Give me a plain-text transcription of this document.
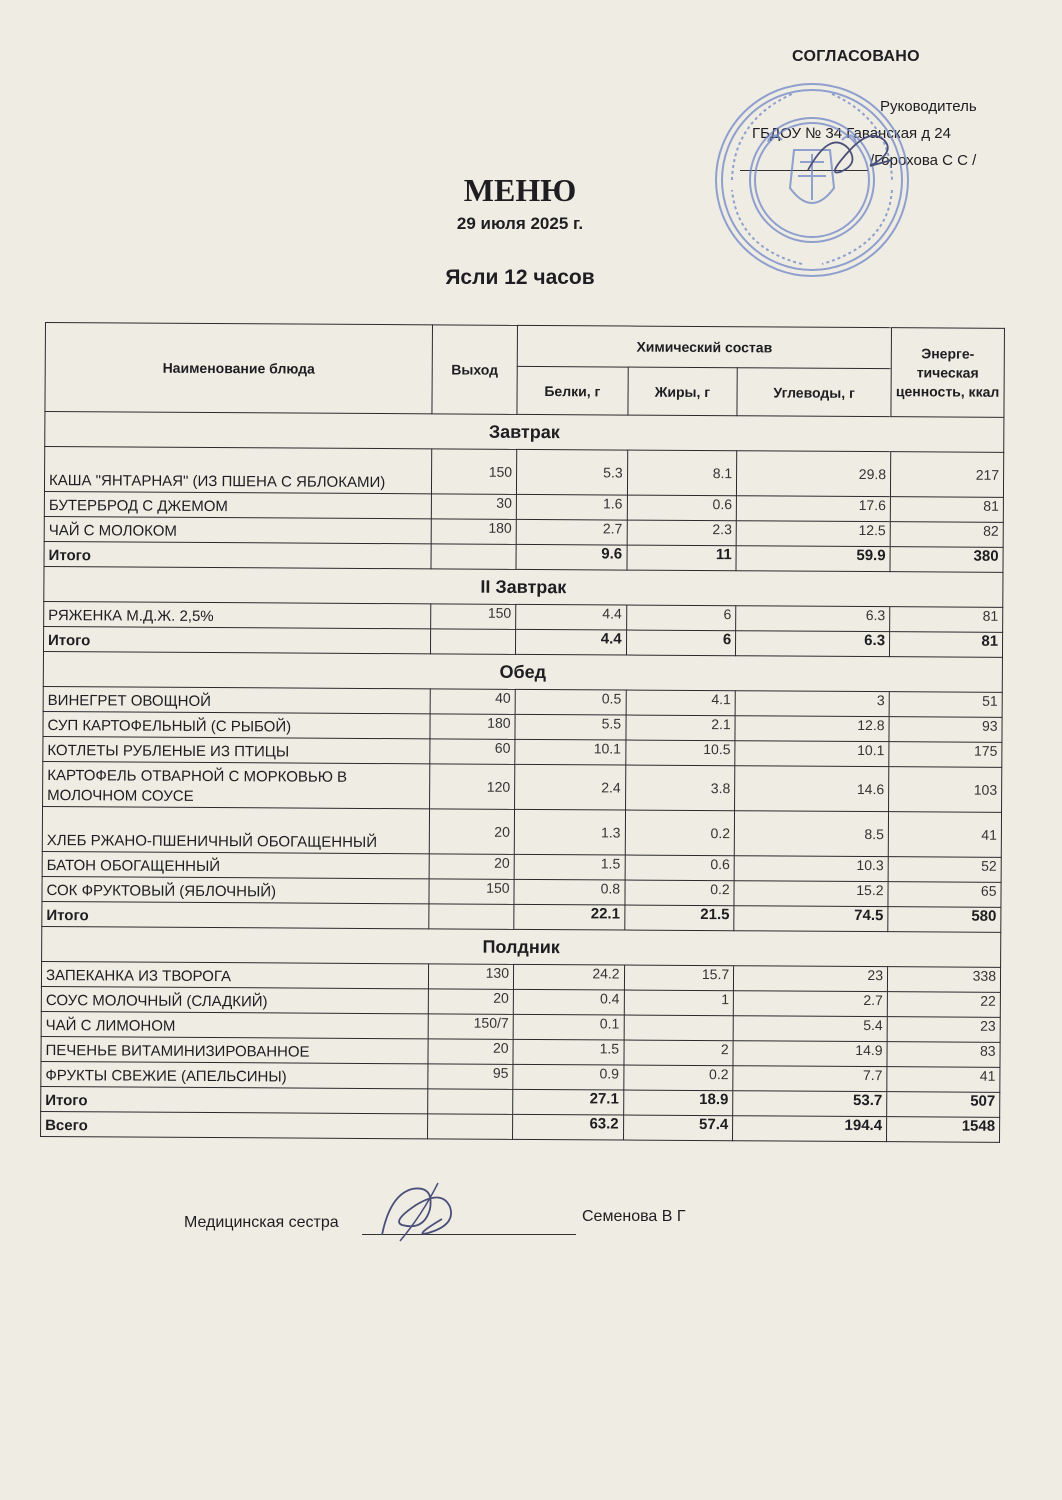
СОГЛАСОВАНО
Руководитель
ГБДОУ № 34 Гаванская д 24
/Горохова С С /
МЕНЮ
29 июля 2025 г.
Ясли 12 часов
Наименование блюда	Выход	Химический состав			Энерге- тическая ценность, ккал
		Белки, г	Жиры, г	Углеводы, г	
Завтрак					
КАША "ЯНТАРНАЯ" (ИЗ ПШЕНА С ЯБЛОКАМИ)	150	5.3	8.1	29.8	217
БУТЕРБРОД С ДЖЕМОМ	30	1.6	0.6	17.6	81
ЧАЙ С МОЛОКОМ	180	2.7	2.3	12.5	82
Итого		9.6	11	59.9	380
II Завтрак					
РЯЖЕНКА М.Д.Ж. 2,5%	150	4.4	6	6.3	81
Итого		4.4	6	6.3	81
Обед					
ВИНЕГРЕТ ОВОЩНОЙ	40	0.5	4.1	3	51
СУП КАРТОФЕЛЬНЫЙ (С РЫБОЙ)	180	5.5	2.1	12.8	93
КОТЛЕТЫ РУБЛЕНЫЕ ИЗ ПТИЦЫ	60	10.1	10.5	10.1	175
КАРТОФЕЛЬ ОТВАРНОЙ С МОРКОВЬЮ В МОЛОЧНОМ СОУСЕ	120	2.4	3.8	14.6	103
ХЛЕБ РЖАНО-ПШЕНИЧНЫЙ ОБОГАЩЕННЫЙ	20	1.3	0.2	8.5	41
БАТОН ОБОГАЩЕННЫЙ	20	1.5	0.6	10.3	52
СОК ФРУКТОВЫЙ (ЯБЛОЧНЫЙ)	150	0.8	0.2	15.2	65
Итого		22.1	21.5	74.5	580
Полдник					
ЗАПЕКАНКА ИЗ ТВОРОГА	130	24.2	15.7	23	338
СОУС МОЛОЧНЫЙ (СЛАДКИЙ)	20	0.4	1	2.7	22
ЧАЙ С ЛИМОНОМ	150/7	0.1		5.4	23
ПЕЧЕНЬЕ ВИТАМИНИЗИРОВАННОЕ	20	1.5	2	14.9	83
ФРУКТЫ СВЕЖИЕ (АПЕЛЬСИНЫ)	95	0.9	0.2	7.7	41
Итого		27.1	18.9	53.7	507
Всего		63.2	57.4	194.4	1548
Медицинская сестра	Семенова В Г
